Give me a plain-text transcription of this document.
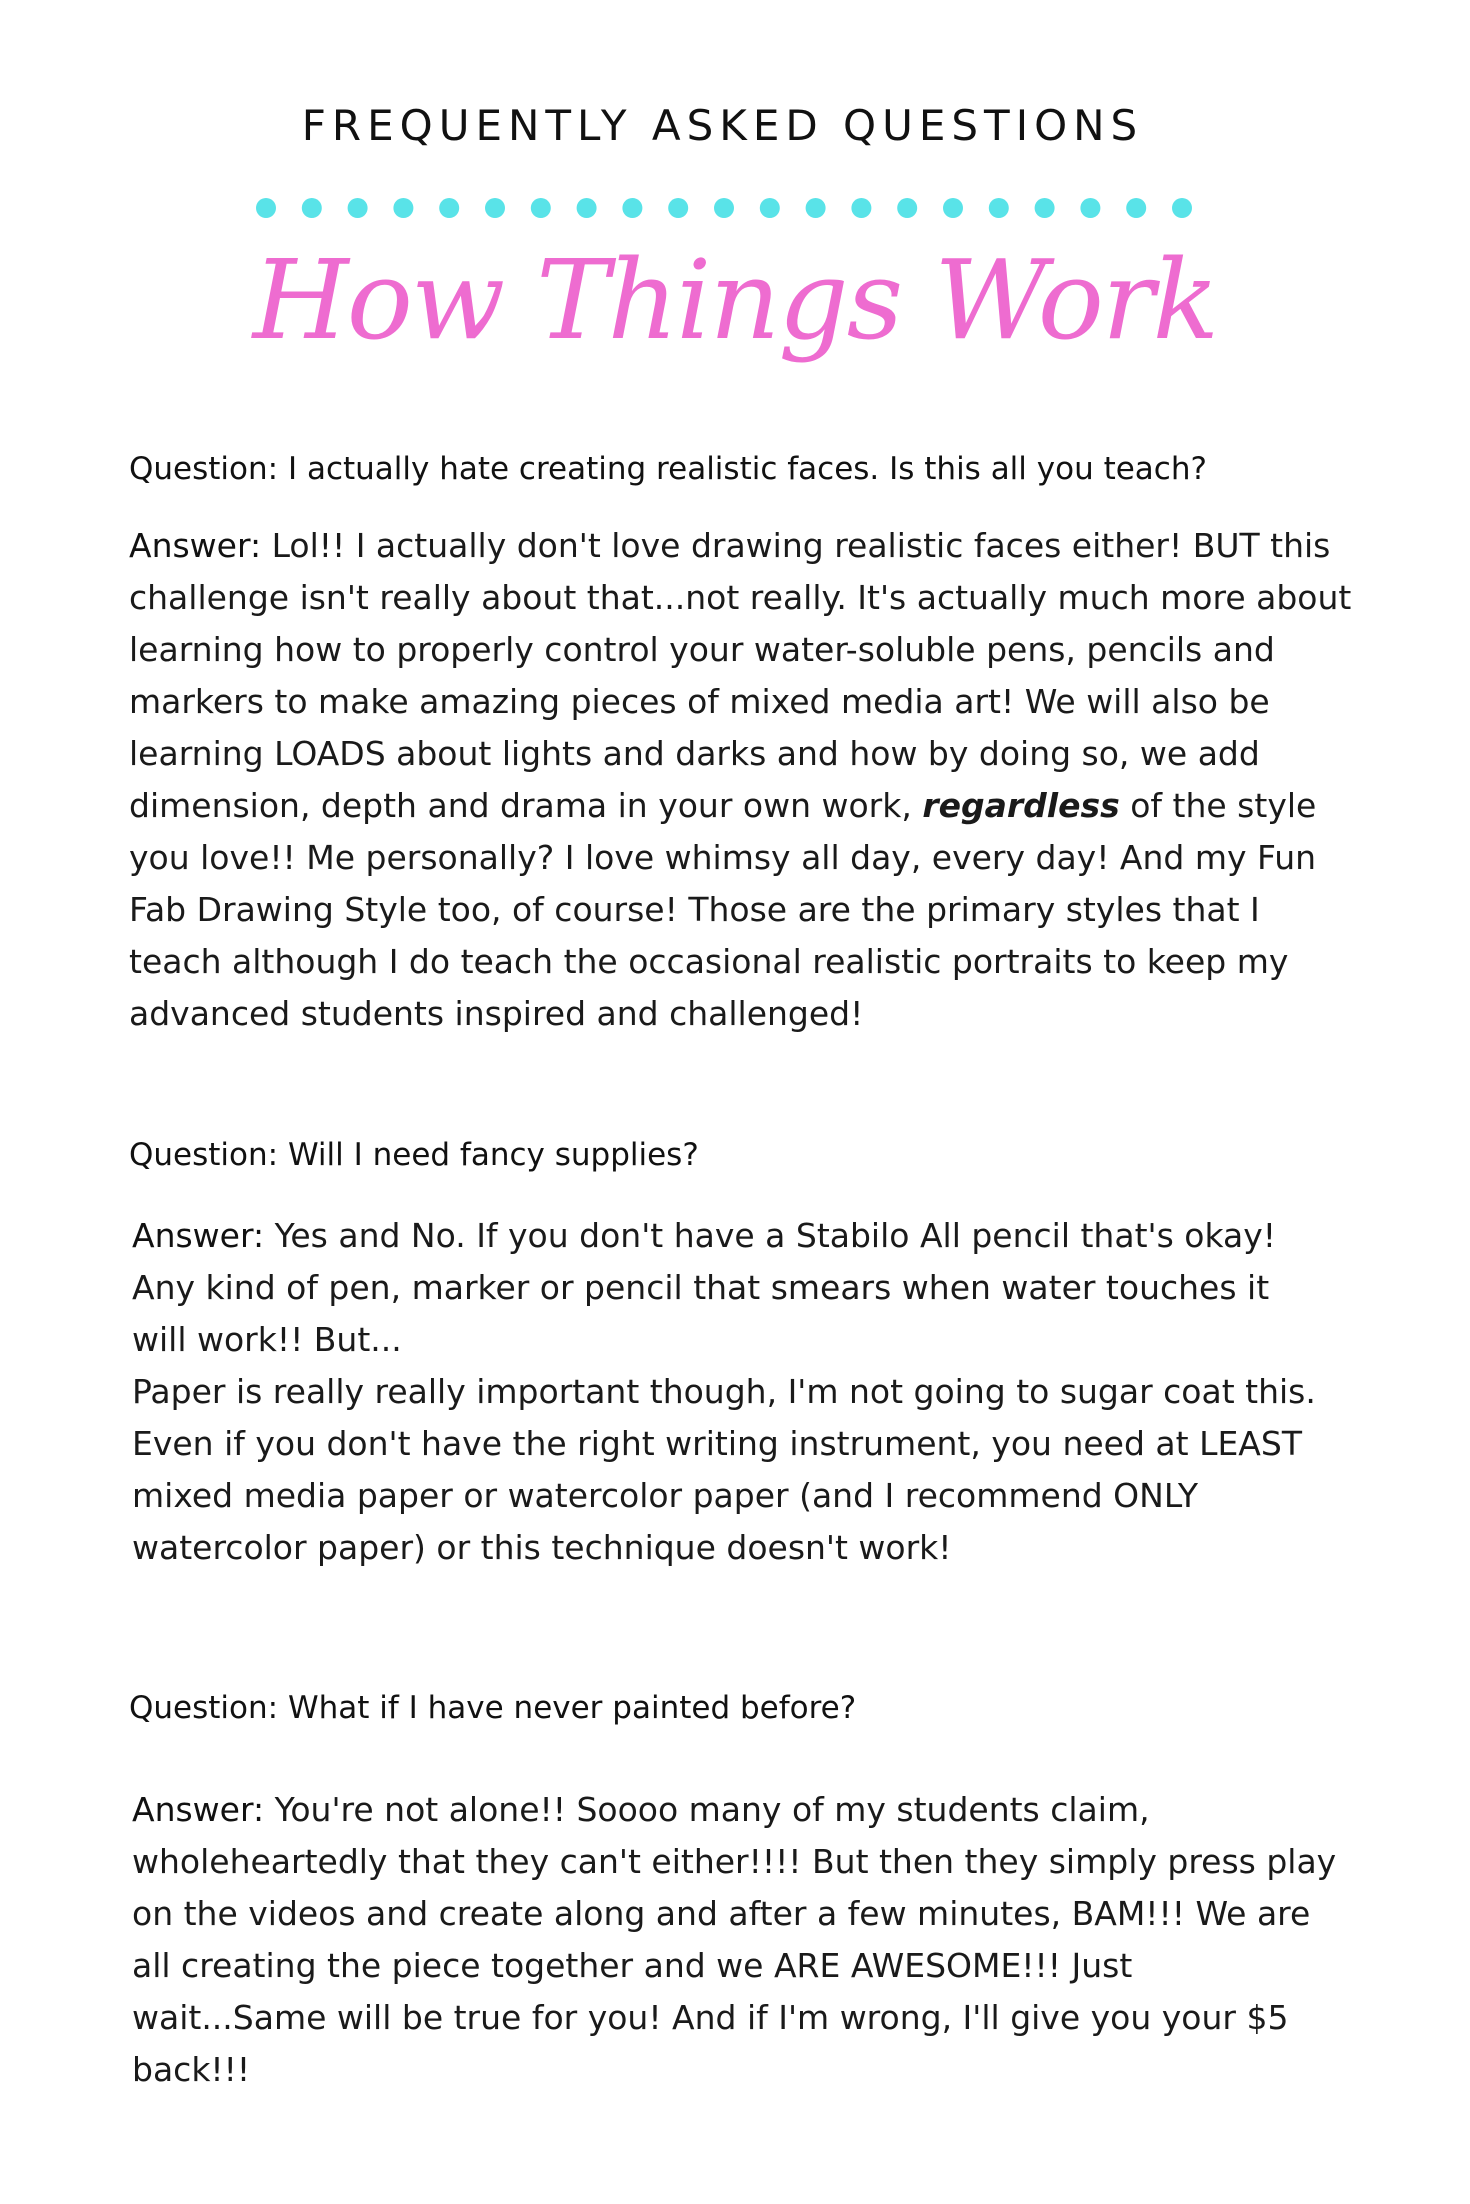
FREQUENTLY ASKED QUESTIONS
How Things Work

Question: I actually hate creating realistic faces. Is this all you teach?

Answer: Lol!! I actually don't love drawing realistic faces either! BUT this
challenge isn't really about that...not really. It's actually much more about
learning how to properly control your water-soluble pens, pencils and
markers to make amazing pieces of mixed media art! We will also be
learning LOADS about lights and darks and how by doing so, we add
dimension, depth and drama in your own work, regardless of the style
you love!! Me personally? I love whimsy all day, every day! And my Fun
Fab Drawing Style too, of course! Those are the primary styles that I
teach although I do teach the occasional realistic portraits to keep my
advanced students inspired and challenged!

Question: Will I need fancy supplies?

Answer: Yes and No. If you don't have a Stabilo All pencil that's okay!
Any kind of pen, marker or pencil that smears when water touches it
will work!! But...
Paper is really really important though, I'm not going to sugar coat this.
Even if you don't have the right writing instrument, you need at LEAST
mixed media paper or watercolor paper (and I recommend ONLY
watercolor paper) or this technique doesn't work!

Question: What if I have never painted before?

Answer: You're not alone!! Soooo many of my students claim,
wholeheartedly that they can't either!!!! But then they simply press play
on the videos and create along and after a few minutes, BAM!!! We are
all creating the piece together and we ARE AWESOME!!! Just
wait...Same will be true for you! And if I'm wrong, I'll give you your $5
back!!!
